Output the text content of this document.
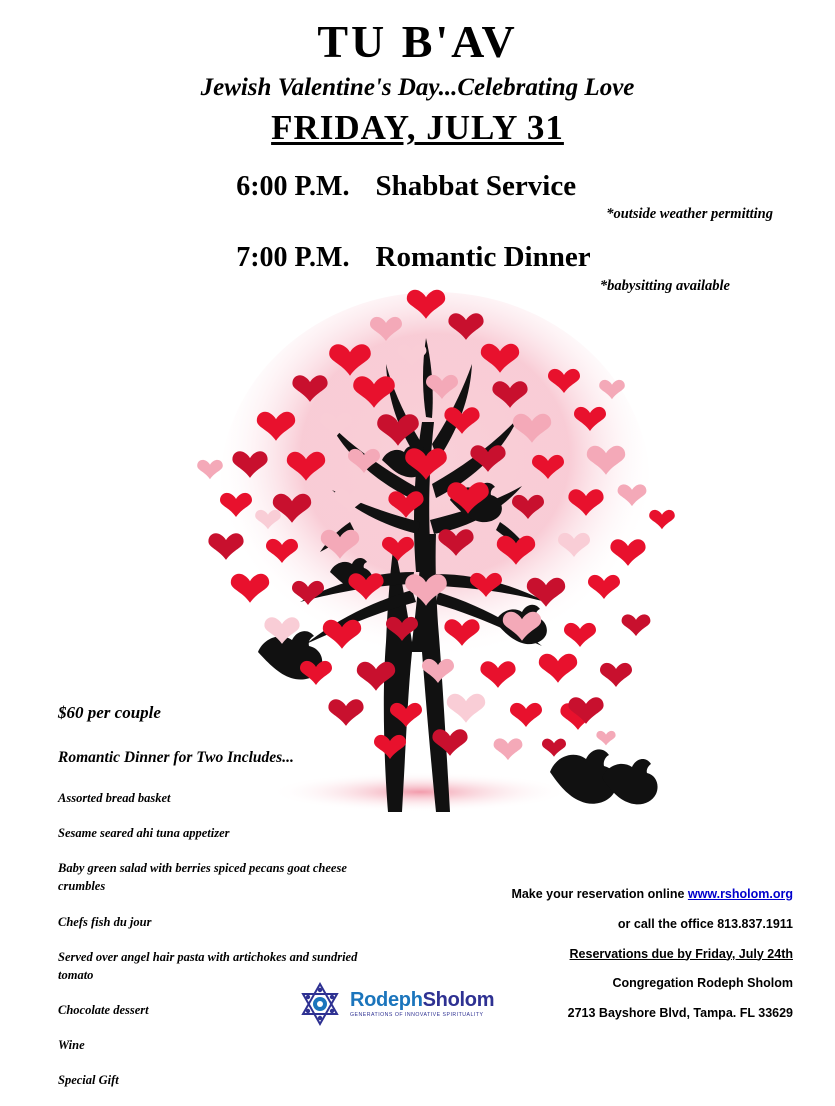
TU B'AV
Jewish Valentine's Day...Celebrating Love
FRIDAY, JULY 31
6:00 P.M. Shabbat Service
*outside weather permitting
7:00 P.M. Romantic Dinner
*babysitting available
$60 per couple
Romantic Dinner for Two Includes...
Assorted bread basket
Sesame seared ahi tuna appetizer
Baby green salad with berries spiced pecans goat cheese crumbles
Chefs fish du jour
Served over angel hair pasta with artichokes and sundried tomato
Chocolate dessert
Wine
Special Gift
Make your reservation online www.rsholom.org
or call the office 813.837.1911
Reservations due by Friday, July 24th
Congregation Rodeph Sholom
2713 Bayshore Blvd, Tampa. FL 33629
RodephSholom
GENERATIONS OF INNOVATIVE SPIRITUALITY
